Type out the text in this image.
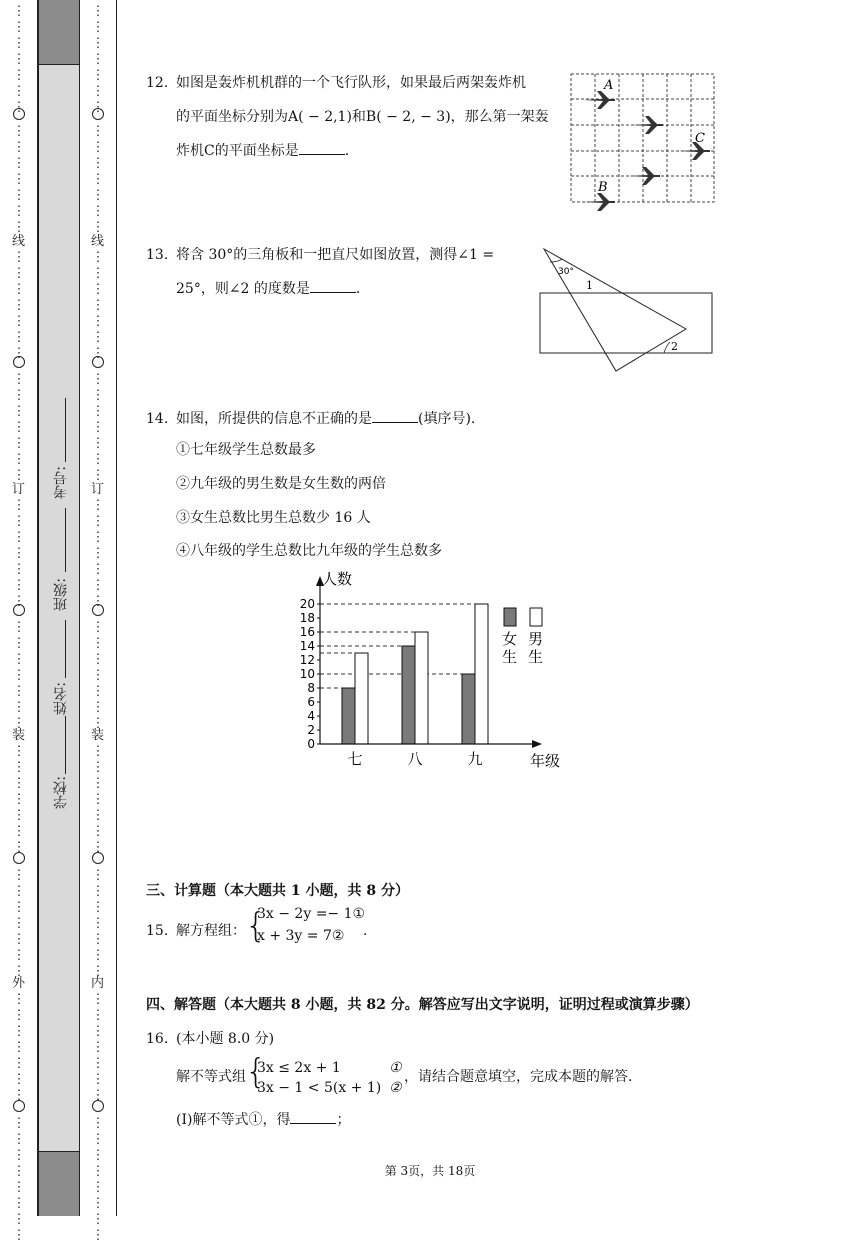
⋮
⋮
⋮
⋮
⋮
⋮
⋮

⋮
⋮
⋮
⋮
⋮
⋮
⋮

线
⋮
⋮
⋮
⋮
⋮
⋮
⋮

⋮
⋮
⋮
⋮
⋮
⋮
⋮

订
⋮
⋮
⋮
⋮
⋮
⋮
⋮

⋮
⋮
⋮
⋮
⋮
⋮
⋮

装
⋮
⋮
⋮
⋮
⋮
⋮
⋮

⋮
⋮
⋮
⋮
⋮
⋮
⋮

外
⋮
⋮
⋮
⋮
⋮
⋮
⋮

⋮
⋮
⋮
⋮
⋮
⋮
⋮
⋮

学校:
姓名:
班级:
考号:
⋮
⋮
⋮
⋮
⋮
⋮
⋮

⋮
⋮
⋮
⋮
⋮
⋮
⋮

线
⋮
⋮
⋮
⋮
⋮
⋮
⋮

⋮
⋮
⋮
⋮
⋮
⋮
⋮

订
⋮
⋮
⋮
⋮
⋮
⋮
⋮

⋮
⋮
⋮
⋮
⋮
⋮
⋮

装
⋮
⋮
⋮
⋮
⋮
⋮
⋮

⋮
⋮
⋮
⋮
⋮
⋮
⋮

内
⋮
⋮
⋮
⋮
⋮
⋮
⋮

⋮
⋮
⋮
⋮
⋮
⋮
⋮
⋮

12. 如图是轰炸机机群的一个飞行队形，如果最后两架轰炸机
的平面坐标分别为A( − 2,1)和B( − 2, − 3)，那么第一架轰
炸机C的平面坐标是	.
A
C
B
13. 将含 30°的三角板和一把直尺如图放置，测得∠1 =
25°，则∠2 的度数是	.
30°
1
2
14. 如图，所提供的信息不正确的是	(填序号).
①七年级学生总数最多
②九年级的男生数是女生数的两倍
③女生总数比男生总数少 16 人
④八年级的学生总数比九年级的学生总数多
0
2
4
6
8
10
12
14
16
18
20
七	八	九
人数
年级
女生
男生
三、计算题（本大题共 1 小题，共 8 分）
15. 解方程组： {
3x − 2y =− 1①
x + 3y = 7② .
四、解答题（本大题共 8 小题，共 82 分。解答应写出文字说明，证明过程或演算步骤）
16. (本小题 8.0 分)
解不等式组 {
3x ≤ 2x + 1	①
3x − 1 < 5(x + 1) ②
，请结合题意填空，完成本题的解答.
(Ⅰ)解不等式①，得	；
第 3页，共 18页
